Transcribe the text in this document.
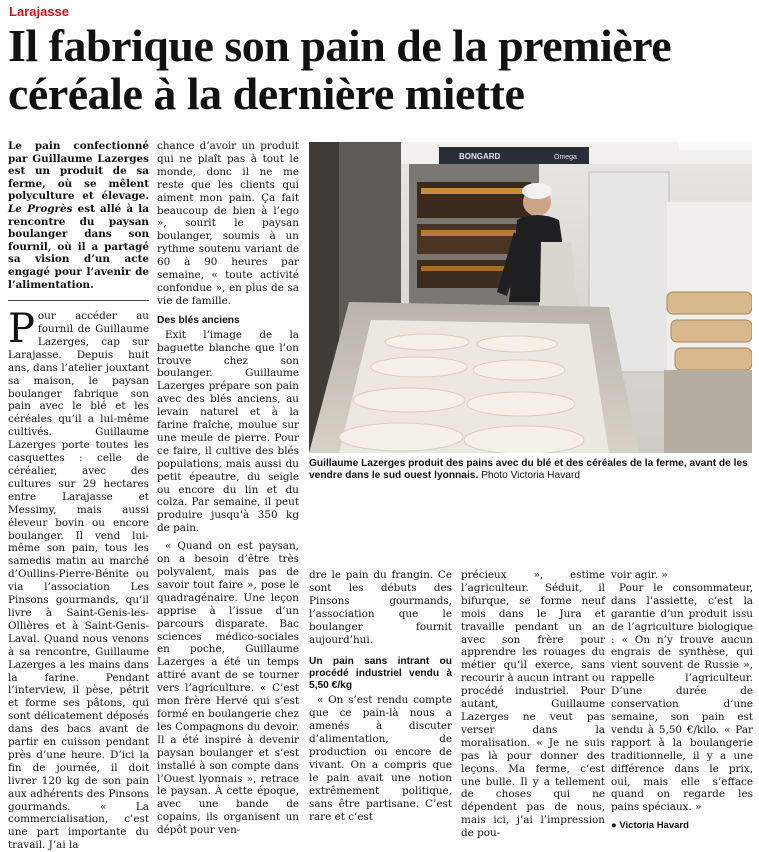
Larajasse
Il fabrique son pain de la première céréale à la dernière miette

Le pain confectionné par Guillaume Lazerges est un produit de sa ferme, où se mêlent polyculture et élevage. Le Progrès est allé à la rencontre du paysan boulanger dans son fournil, où il a partagé sa vision d’un acte engagé pour l’avenir de l’alimentation.

Pour accéder au fournil de Guillaume Lazerges, cap sur Larajasse. Depuis huit ans, dans l’atelier jouxtant sa maison, le paysan boulanger fabrique son pain avec le blé et les céréales qu’il a lui-même cultivés. Guillaume Lazerges porte toutes les casquettes : celle de céréalier, avec des cultures sur 29 hectares entre Larajasse et Messimy, mais aussi éleveur bovin ou encore boulanger. Il vend lui-même son pain, tous les samedis matin au marché d’Oullins-Pierre-Bénite ou via l’association Les Pinsons gourmands, qu’il livre à Saint-Genis-les-Ollières et à Saint-Genis-Laval. Quand nous venons à sa rencontre, Guillaume Lazerges a les mains dans la farine. Pendant l’interview, il pèse, pétrit et forme ses pâtons, qui sont délicatement déposés dans des bacs avant de partir en cuisson pendant près d’une heure. D’ici la fin de journée, il doit livrer 120 kg de son pain aux adhérents des Pinsons gourmands. « La commercialisation, c’est une part importante du travail. J’ai la

chance d’avoir un produit qui ne plaît pas à tout le monde, donc il ne me reste que les clients qui aiment mon pain. Ça fait beaucoup de bien à l’ego », sourit le paysan boulanger, soumis à un rythme soutenu variant de 60 à 90 heures par semaine, « toute activité confondue », en plus de sa vie de famille.

Des blés anciens

Exit l’image de la baguette blanche que l’on trouve chez son boulanger. Guillaume Lazerges prépare son pain avec des blés anciens, au levain naturel et à la farine fraîche, moulue sur une meule de pierre. Pour ce faire, il cultive des blés populations, mais aussi du petit épeautre, du seigle ou encore du lin et du colza. Par semaine, il peut produire jusqu’à 350 kg de pain.

« Quand on est paysan, on a besoin d’être très polyvalent, mais pas de savoir tout faire », pose le quadragénaire. Une leçon apprise à l’issue d’un parcours disparate. Bac sciences médico-sociales en poche, Guillaume Lazerges a été un temps attiré avant de se tourner vers l’agriculture. « C’est mon frère Hervé qui s’est formé en boulangerie chez les Compagnons du devoir. Il a été inspiré à devenir paysan boulanger et s’est installé à son compte dans l’Ouest lyonnais », retrace le paysan. À cette époque, avec une bande de copains, ils organisent un dépôt pour ven-

BONGARD	Omega
Guillaume Lazerges produit des pains avec du blé et des céréales de la ferme, avant de les vendre dans le sud ouest lyonnais. Photo Victoria Havard

dre le pain du frangin. Ce sont les débuts des Pinsons gourmands, l’association que le boulanger fournit aujourd’hui.

Un pain sans intrant ou procédé industriel vendu à 5,50 €/kg

« On s’est rendu compte que ce pain-là nous a amenés à discuter d’alimentation, de production ou encore de vivant. On a compris que le pain avait une notion extrêmement politique, sans être partisane. C’est rare et c’est

précieux », estime l’agriculteur. Séduit, il bifurque, se forme neuf mois dans le Jura et travaille pendant un an avec son frère pour apprendre les rouages du métier qu’il exerce, sans recourir à aucun intrant ou procédé industriel. Pour autant, Guillaume Lazerges ne veut pas verser dans la moralisation. « Je ne suis pas là pour donner des leçons. Ma ferme, c’est une bulle. Il y a tellement de choses qui ne dépendent pas de nous, mais ici, j’ai l’impression de pou-

voir agir. »

Pour le consommateur, dans l’assiette, c’est la garantie d’un produit issu de l’agriculture biologique : « On n’y trouve aucun engrais de synthèse, qui vient souvent de Russie », rappelle l’agriculteur. D’une durée de conservation d’une semaine, son pain est vendu à 5,50 €/kilo. « Par rapport à la boulangerie traditionnelle, il y a une différence dans le prix, oui, mais elle s’efface quand on regarde les pains spéciaux. »

● Victoria Havard
